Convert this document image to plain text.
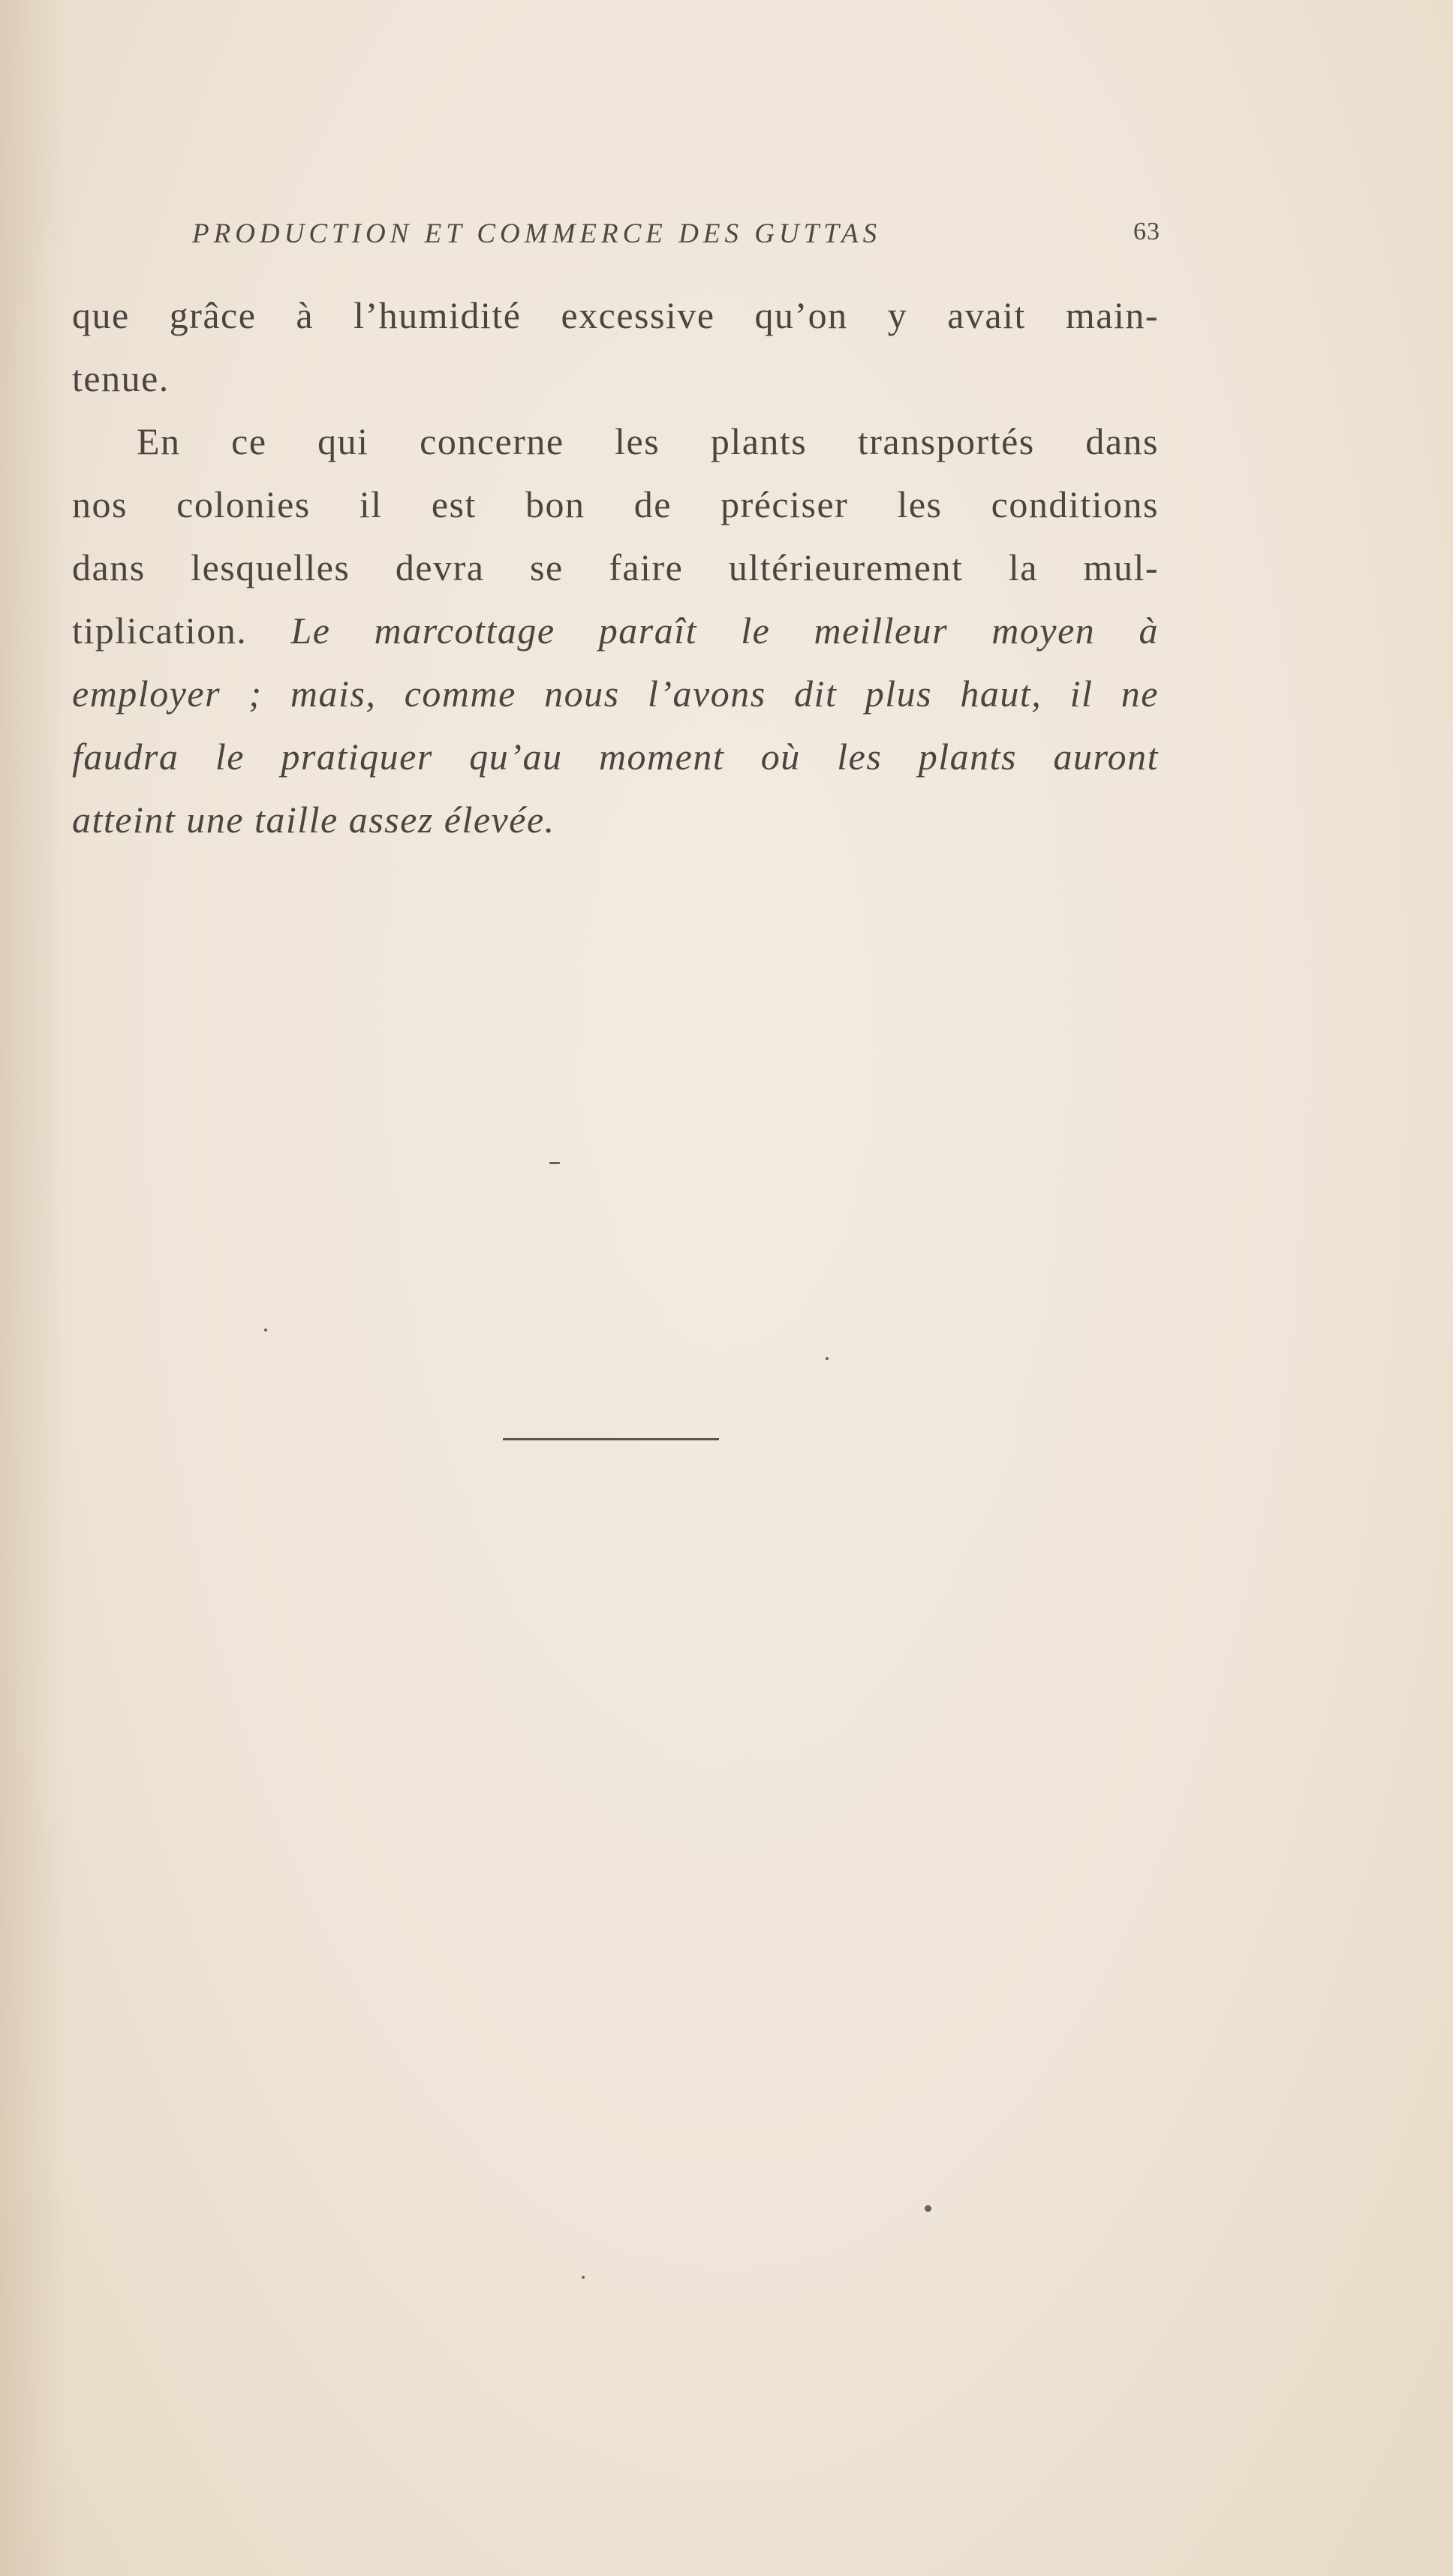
PRODUCTION ET COMMERCE DES GUTTAS	63
que grâce à l’humidité excessive qu’on y avait main-
tenue.
En ce qui concerne les plants transportés dans
nos colonies il est bon de préciser les conditions
dans lesquelles devra se faire ultérieurement la mul-
tiplication. Le marcottage paraît le meilleur moyen à
employer ; mais, comme nous l’avons dit plus haut, il ne
faudra le pratiquer qu’au moment où les plants auront
atteint une taille assez élevée.
